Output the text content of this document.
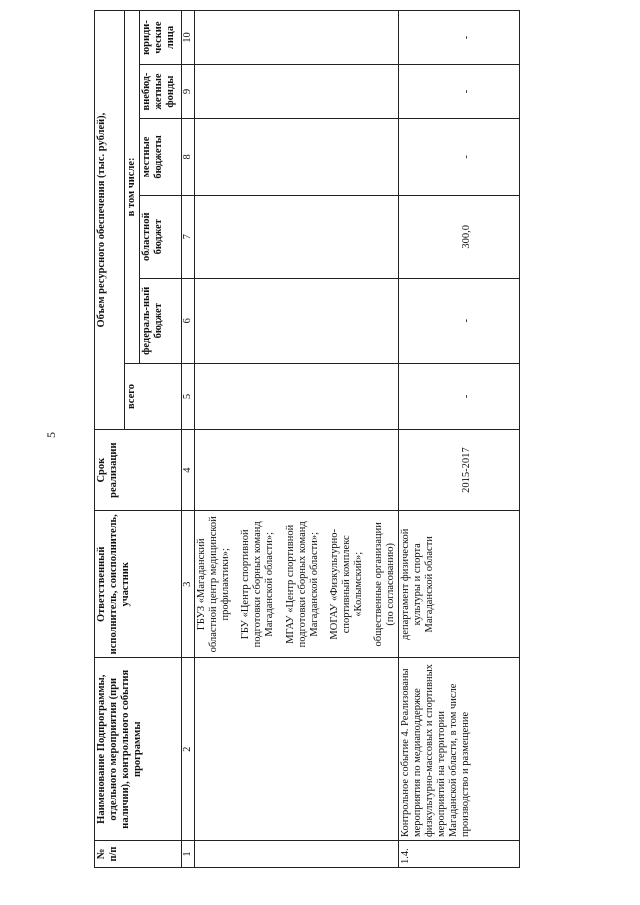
5
№ п/п	Наименование Подпрограммы, отдельного мероприятия (при наличии), контрольного события программы	Ответственный исполнитель, соисполнитель, участник	Срок реализации	Объем ресурсного обеспечения (тыс. рублей),					
				всего	в том числе:				
					федераль-ный бюджет	областной бюджет	местные бюджеты	внебюд-жетные фонды	юриди-ческие лица
1	2	3	4	5	6	7	8	9	10

		ГБУЗ «Магаданский областной центр медицинской профилактики»; ГБУ «Центр спортивной подготовки сборных команд Магаданской области»; МГАУ «Центр спортивной подготовки сборных команд Магаданской области»; МОГАУ «Физкультурно-спортивный комплекс «Колымский»; общественные организации (по согласованию)							

1.4.	Контрольное событие 4. Реализованы мероприятия по медиаподдержке физкультурно-массовых и спортивных мероприятий на территории Магаданской области, в том числе производство и размещение	департамент физической культуры и спорта Магаданской области	2015-2017	-	-	300,0	-	-	-
